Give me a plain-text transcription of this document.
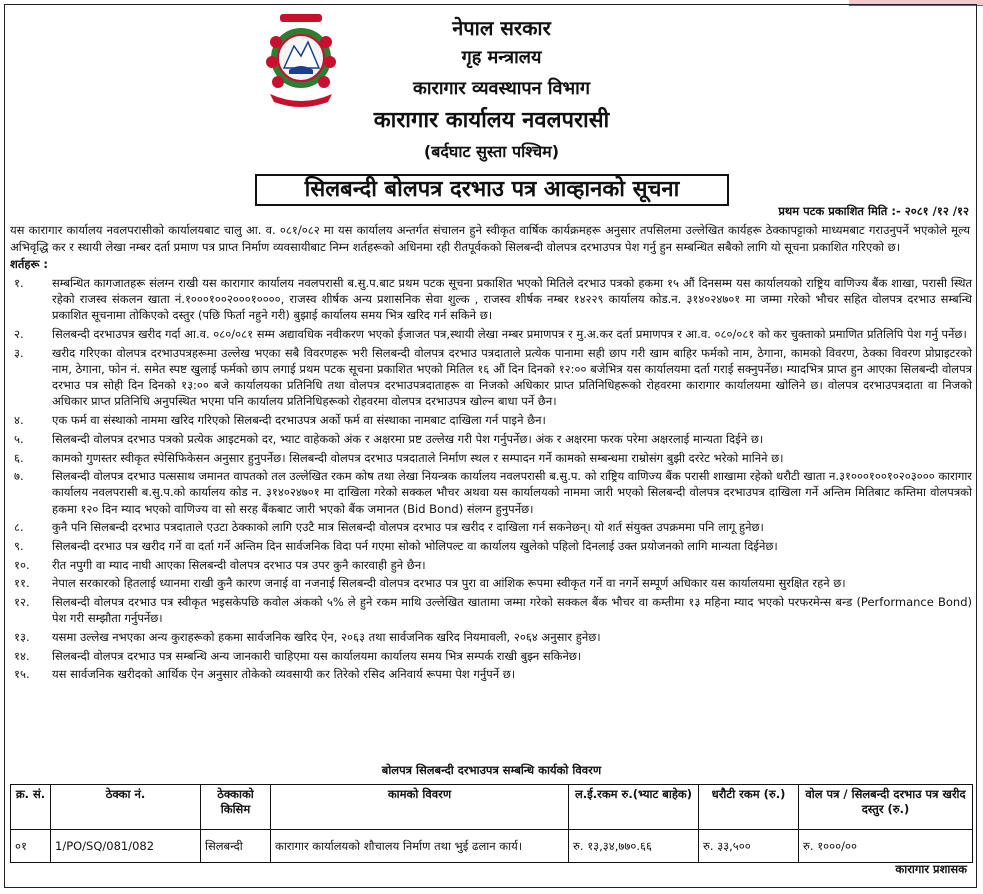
नेपाल सरकार
गृह मन्त्रालय
कारागार व्यवस्थापन विभाग
कारागार कार्यालय नवलपरासी
(बर्दघाट सुस्ता पश्चिम)
सिलबन्दी बोलपत्र दरभाउ पत्र आव्हानको सूचना
प्रथम पटक प्रकाशित मिति :- २०८१ /१२ /१२
यस कारागार कार्यालय नवलपरासीको कार्यालयबाट चालु आ. व. ०८१/०८२ मा यस कार्यालय अन्तर्गत संचालन हुने स्वीकृत वार्षिक कार्यक्रमहरू अनुसार तपसिलमा उल्लेखित कार्यहरू ठेक्कापट्टाको माध्यमबाट गराउनुपर्ने भएकोले मूल्य अभिवृद्धि कर र स्थायी लेखा नम्बर दर्ता प्रमाण पत्र प्राप्त निर्माण व्यवसायीबाट निम्न शर्तहरूको अधिनमा रही रीतपूर्वकको सिलबन्दी वोलपत्र दरभाउपत्र पेश गर्नु हुन सम्बन्धित सबैको लागि यो सूचना प्रकाशित गरिएको छ।
शर्तहरू :
१.	सम्बन्धित कागजातहरू संलग्न राखी यस कारागार कार्यालय नवलपरासी ब.सु.प.बाट प्रथम पटक सूचना प्रकाशित भएकोे मितिले दरभाउ पत्रको हकमा १५ औं दिनसम्म यस कार्यालयको राष्ट्रिय वाणिज्य बैंक शाखा, परासी स्थित रहेको राजस्व संकलन खाता नं.१०००१००२०००१००००, राजस्व शीर्षक अन्य प्रशासनिक सेवा शुल्क , राजस्व शीर्षक नम्बर १४२२९ कार्यालय कोड.न. ३१४०२४७०१ मा जम्मा गरेको भौचर सहित वोलपत्र दरभाउ सम्बन्धि प्रकाशित सूचनामा तोकिएको दस्तुर (पछि फिर्ता नहुने गरी) बुझाई कार्यालय समय भित्र खरिद गर्न सकिने छ।
२.	सिलबन्दी दरभाउपत्र खरीद गर्दा आ.व. ०८०/०८१ सम्म अद्यावधिक नवीकरण भएको ईजाजत पत्र,स्थायी लेखा नम्बर प्रमाणपत्र र मु.अ.कर दर्ता प्रमाणपत्र र आ.व. ०८०/०८१ को कर चुक्ताको प्रमाणित प्रतिलिपि पेश गर्नु पर्नेछ।
३.	खरीद गरिएका वोलपत्र दरभाउपत्रहरूमा उल्लेख भएका सबै विवरणहरू भरी सिलबन्दी वोलपत्र दरभाउ पत्रदाताले प्रत्येक पानामा सही छाप गरी खाम बाहिर फर्मको नाम, ठेगाना, कामको विवरण, ठेक्का विवरण प्रोप्राइटरको नाम, ठेगाना, फोन नं. समेत स्पष्ट खुलाई फर्मको छाप लगाई प्रथम पटक सूचना प्रकाशित भएको मितिल १६ औं दिन दिनको १२:०० बजेभित्र यस कार्यालयमा दर्ता गराई सक्नुपर्नेछ। म्यादभित्र प्राप्त हुन आएका सिलबन्दी वोलपत्र दरभाउ पत्र सोही दिन दिनको १३:०० बजे कार्यालयका प्रतिनिधि तथा वोलपत्र दरभाउपत्रदाताहरू वा निजको अधिकार प्राप्त प्रतिनिधिहरूको रोहवरमा कारागार कार्यालयमा खोलिने छ। वोलपत्र दरभाउपत्रदाता वा निजको अधिकार प्राप्त प्रतिनिधि अनुपस्थित भएमा पनि कार्यालय प्रतिनिधिहरूको रोहवरमा वोलपत्र दरभाउपत्र खोल्न बाधा पर्ने छैन।
४.	एक फर्म वा संस्थाको नाममा खरिद गरिएको सिलबन्दी दरभाउपत्र अर्को फर्म वा संस्थाका नामबाट दाखिला गर्न पाइने छैन।
५.	सिलबन्दी वोलपत्र दरभाउ पत्रको प्रत्येक आइटमको दर, भ्याट वाहेकको अंक र अक्षरमा प्रष्ट उल्लेख गरी पेश गर्नुपर्नेछ। अंक र अक्षरमा फरक परेमा अक्षरलाई मान्यता दिईने छ।
६.	कामको गुणस्तर स्वीकृत स्पेसिफिकेसन अनुसार हुनुपर्नेछ। सिलबन्दी वोलपत्र दरभाउ पत्रदाताले निर्माण स्थल र सम्पादन गर्ने कामको सम्बन्धमा राम्रोसंग बुझी दररेट भरेको मानिने छ।
७.	सिलबन्दी वोलपत्र दरभाउ पत्ससाथ जमानत वापतको तल उल्लेखित रकम कोष तथा लेखा नियन्त्रक कार्यालय नवलपरासी ब.सु.प. को राष्ट्रिय वाणिज्य बैंक परासी शाखामा रहेको धरौटी खाता न.३१०००१००१०२०३००० कारागार कार्यालय नवलपरासी ब.सु.प.को कार्यालय कोड न. ३१४०२४७०१ मा दाखिला गरेको सक्कल भौचर अथवा यस कार्यालयको नाममा जारी भएको सिलबन्दी वोलपत्र दरभाउपत्र दाखिला गर्ने अन्तिम मितिबाट कम्तिमा वोलपत्रको हकमा १२० दिन म्याद भएको वाणिज्य वा सो सरह बैंकबाट जारी भएको बैंक जमानत (Bid Bond) संलग्न हुनुपर्नेछ।
८.	कुनै पनि सिलबन्दी दरभाउ पत्रदाताले एउटा ठेक्काको लागि एउटै मात्र सिलबन्दी वोलपत्र दरभाउ पत्र खरीद र दाखिला गर्न सकनेछन्। यो शर्त संयुक्त उपक्रममा पनि लागू हुनेछ।
९.	सिलबन्दी दरभाउ पत्र खरीद गर्ने वा दर्ता गर्ने अन्तिम दिन सार्वजनिक विदा पर्न गएमा सोको भोलिपल्ट वा कार्यालय खुलेको पहिलो दिनलाई उक्त प्रयोजनको लागि मान्यता दिईनेछ।
१०.	रीत नपुगी वा म्याद नाघी आएका सिलबन्दी वोलपत्र दरभाउ पत्र उपर कुनै कारवाही हुने छैन।
११.	नेपाल सरकारको हितलाई ध्यानमा राखी कुनै कारण जनाई वा नजनाई सिलबन्दी वोलपत्र दरभाउ पत्र पुरा वा आंशिक रूपमा स्वीकृत गर्ने वा नगर्ने सम्पूर्ण अधिकार यस कार्यालयमा सुरक्षित रहने छ।
१२.	सिलबन्दी वोलपत्र दरभाउ पत्र स्वीकृत भइसकेपछि कवोल अंकको ५% ले हुने रकम माथि उल्लेखित खातामा जम्मा गरेको सक्कल बैंक भौचर वा कम्तीमा १३ महिना म्याद भएको परफरमेन्स बन्ड (Performance Bond) पेश गरी सम्झौता गर्नुपर्नेछ।
१३.	यसमा उल्लेख नभएका अन्य कुराहरूको हकमा सार्वजनिक खरिद ऐन, २०६३ तथा सार्वजनिक खरिद नियमावली, २०६४ अनुसार हुनेछ।
१४.	सिलबन्दी वोलपत्र दरभाउ पत्र सम्बन्धि अन्य जानकारी चाहिएमा यस कार्यालयमा कार्यालय समय भित्र सम्पर्क राखी बुझ्न सकिनेछ।
१५.	यस सार्वजनिक खरीदको आर्थिक ऐन अनुसार तोकेको व्यवसायी कर तिरेको रसिद अनिवार्य रूपमा पेश गर्नुपर्ने छ।
बोलपत्र सिलबन्दी दरभाउपत्र सम्बन्धि कार्यको विवरण
क्र. सं.	ठेक्का नं.	ठेक्काको किसिम	कामको विवरण	ल.ई.रकम रु.(भ्याट बाहेक)	धरौटी रकम (रु.)	वोल पत्र / सिलबन्दी दरभाउ पत्र खरीद दस्तुर (रु.)
०१	1/PO/SQ/081/082	सिलबन्दी	कारागार कार्यालयको शौचालय निर्माण तथा भुई ढलान कार्य।	रु. १३,३४,७७०.६६	रु. ३३,५००	रु. १०००/००
कारागार प्रशासक
